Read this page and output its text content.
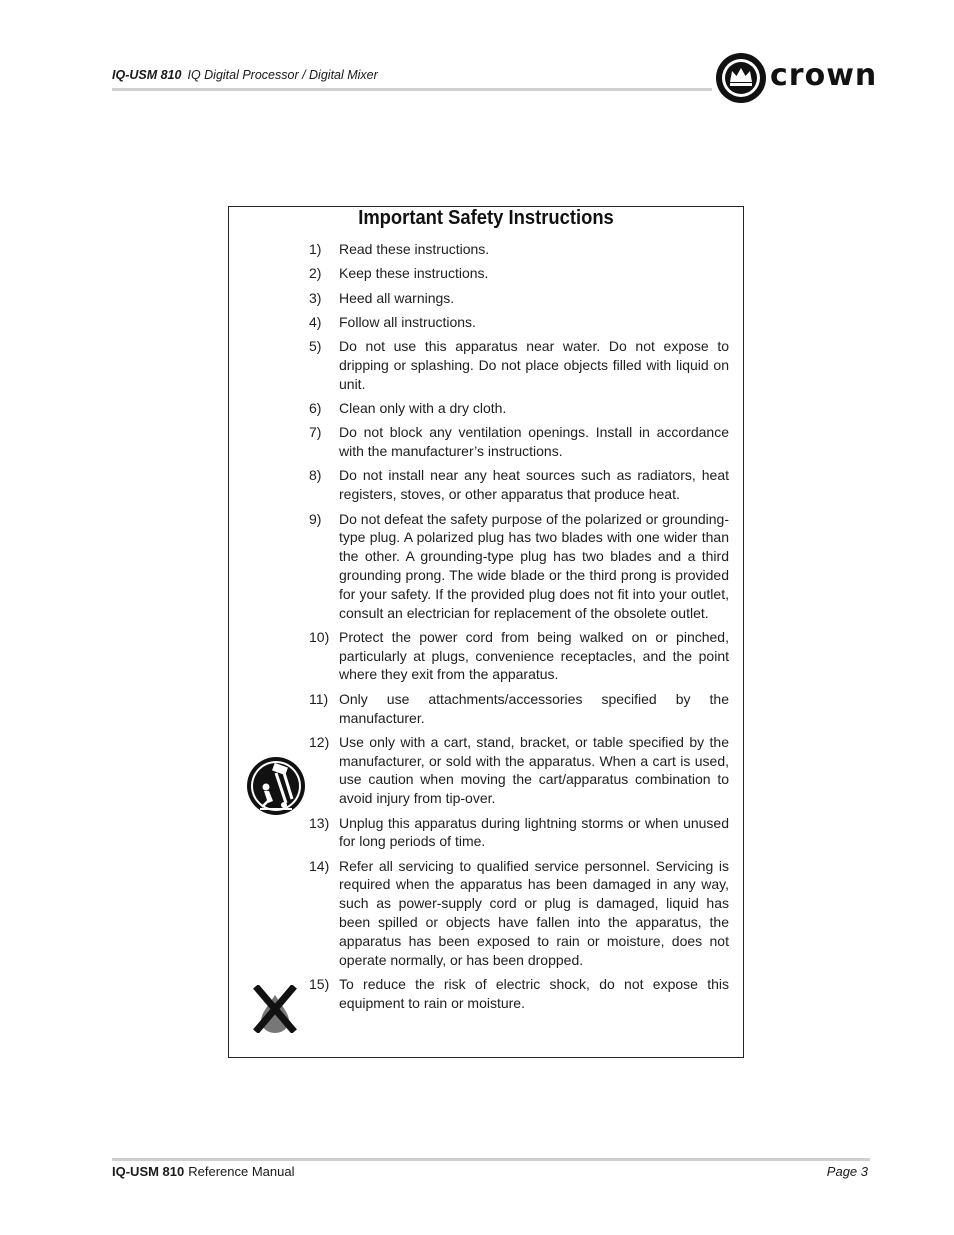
IQ-USM 810 IQ Digital Processor / Digital Mixer	crown
Important Safety Instructions
1) Read these instructions.
2) Keep these instructions.
3) Heed all warnings.
4) Follow all instructions.
5) Do not use this apparatus near water. Do not expose to dripping or splashing. Do not place objects filled with liquid on unit.
6) Clean only with a dry cloth.
7) Do not block any ventilation openings. Install in accordance with the manufacturer’s instructions.
8) Do not install near any heat sources such as radiators, heat registers, stoves, or other apparatus that produce heat.
9) Do not defeat the safety purpose of the polarized or grounding-type plug. A polarized plug has two blades with one wider than the other. A grounding-type plug has two blades and a third grounding prong. The wide blade or the third prong is provided for your safety. If the provided plug does not fit into your outlet, consult an electrician for replacement of the obsolete outlet.
10) Protect the power cord from being walked on or pinched, particularly at plugs, convenience receptacles, and the point where they exit from the apparatus.
11) Only use attachments/accessories specified by the manufacturer.
12) Use only with a cart, stand, bracket, or table specified by the manufacturer, or sold with the apparatus. When a cart is used, use caution when moving the cart/apparatus combination to avoid injury from tip-over.
13) Unplug this apparatus during lightning storms or when unused for long periods of time.
14) Refer all servicing to qualified service personnel. Servicing is required when the apparatus has been damaged in any way, such as power-supply cord or plug is damaged, liquid has been spilled or objects have fallen into the apparatus, the apparatus has been exposed to rain or moisture, does not operate normally, or has been dropped.
15) To reduce the risk of electric shock, do not expose this equipment to rain or moisture.
IQ-USM 810 Reference Manual	Page 3
